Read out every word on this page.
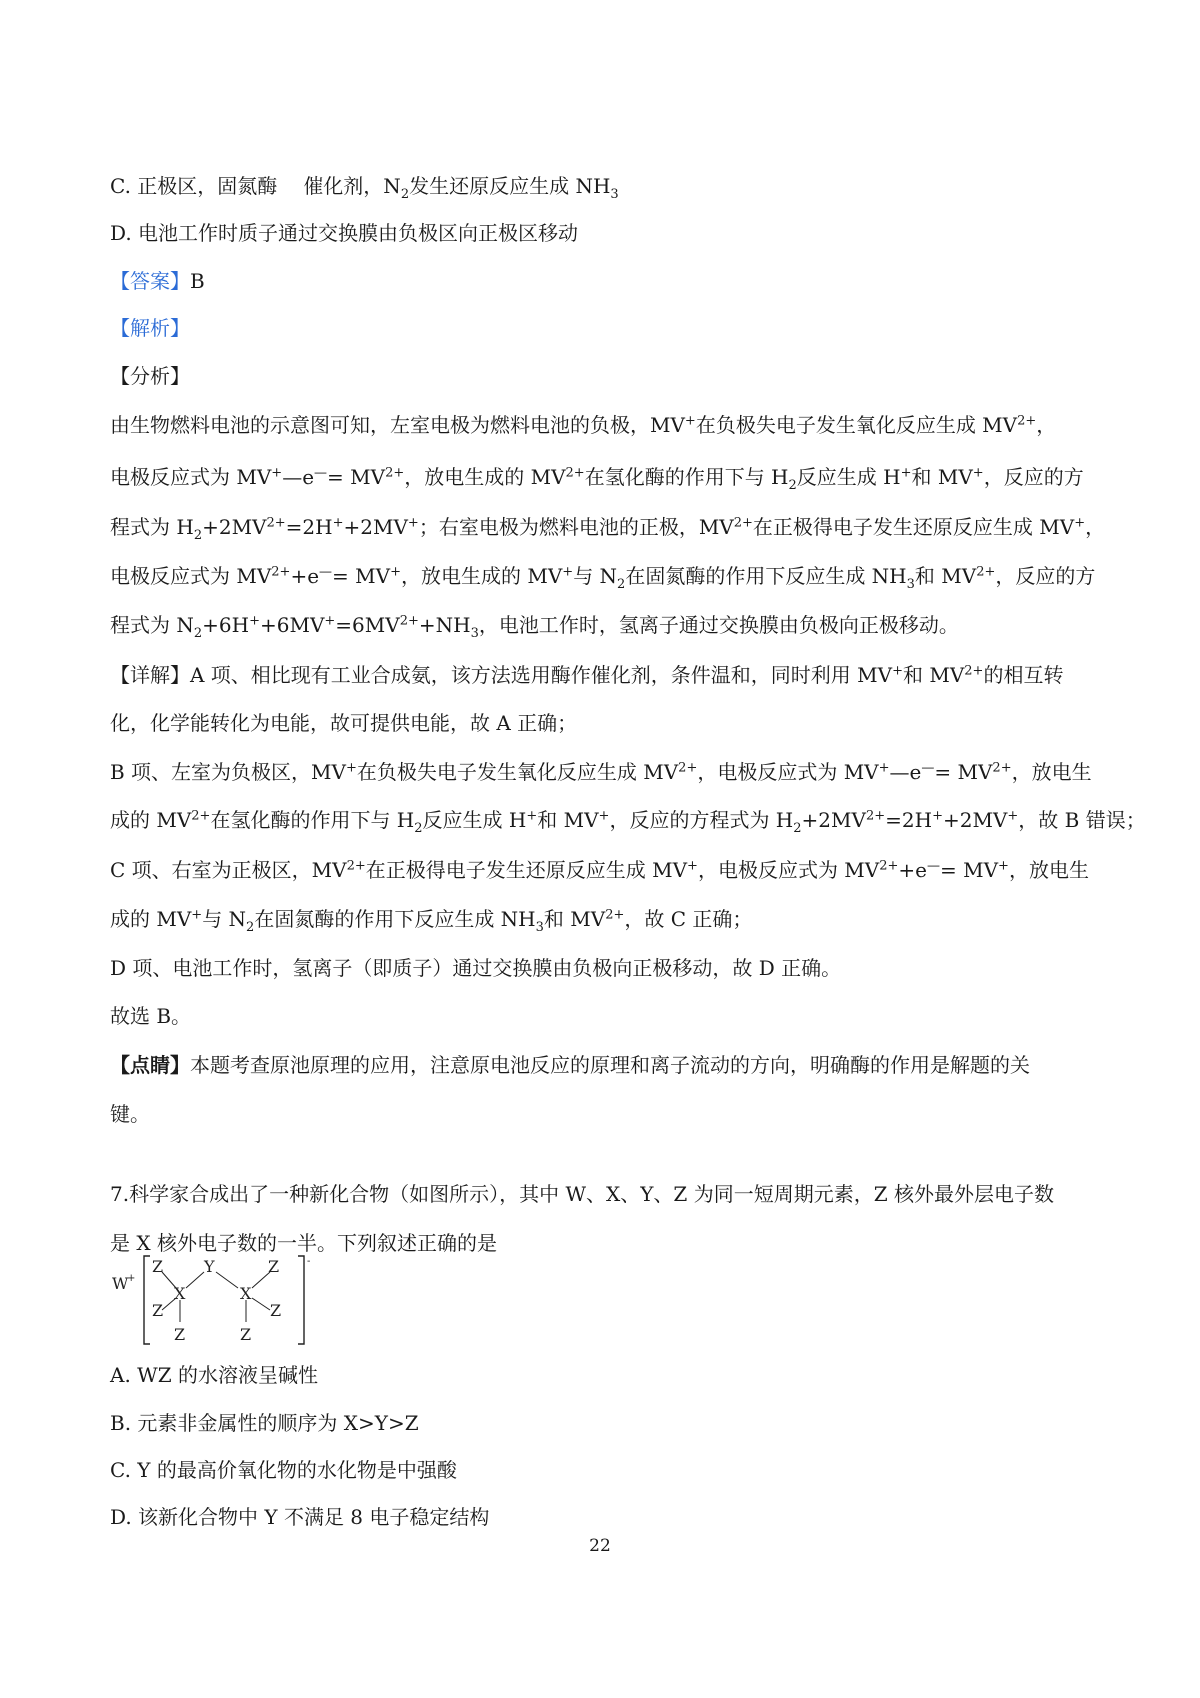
C. 正极区，固氮酶 催化剂，$N_2$发生还原反应生成 $NH_3$
D. 电池工作时质子通过交换膜由负极区向正极区移动
【答案】B
【解析】
【分析】
由生物燃料电池的示意图可知，左室电极为燃料电池的负极，MV+在负极失电子发生氧化反应生成 $MV^{2+}$，
电极反应式为 MV+—e—= $MV^{2+}$，放电生成的 $MV^{2+}$在氢化酶的作用下与 $H_2$反应生成 H+和 MV+，反应的方
程式为 $H_2+2MV^{2+}=2H^++2MV^+$；右室电极为燃料电池的正极，$MV^{2+}$在正极得电子发生还原反应生成 MV+，
电极反应式为 $MV^{2+}+e^—= MV^+$，放电生成的 MV+与 $N_2$在固氮酶的作用下反应生成 $NH_3$和 $MV^{2+}$，反应的方
程式为 $N_2+6H^++6MV^+=6MV^{2+}+NH_3$，电池工作时，氢离子通过交换膜由负极向正极移动。
【详解】A 项、相比现有工业合成氨，该方法选用酶作催化剂，条件温和，同时利用 MV+和 $MV^{2+}$的相互转
化，化学能转化为电能，故可提供电能，故 A 正确；
B 项、左室为负极区，MV+在负极失电子发生氧化反应生成 $MV^{2+}$，电极反应式为 MV+—e—= $MV^{2+}$，放电生
成的 $MV^{2+}$在氢化酶的作用下与 $H_2$反应生成 H+和 MV+，反应的方程式为 $H_2+2MV^{2+}=2H^++2MV^+$，故 B 错误；
C 项、右室为正极区，$MV^{2+}$在正极得电子发生还原反应生成 MV+，电极反应式为 $MV^{2+}+e^—= MV^+$，放电生
成的 MV+与 $N_2$在固氮酶的作用下反应生成 $NH_3$和 $MV^{2+}$，故 C 正确；
D 项、电池工作时，氢离子（即质子）通过交换膜由负极向正极移动，故 D 正确。
故选 B。
【点睛】本题考查原池原理的应用，注意原电池反应的原理和离子流动的方向，明确酶的作用是解题的关
键。
7.科学家合成出了一种新化合物（如图所示），其中 W、X、Y、Z 为同一短周期元素，Z 核外最外层电子数
是 X 核外电子数的一半。下列叙述正确的是
W
+
-
Z
Z
X
Z
Y
X
Z
Z
Z
A. WZ 的水溶液呈碱性
B. 元素非金属性的顺序为 X>Y>Z
C. Y 的最高价氧化物的水化物是中强酸
D. 该新化合物中 Y 不满足 8 电子稳定结构
22
